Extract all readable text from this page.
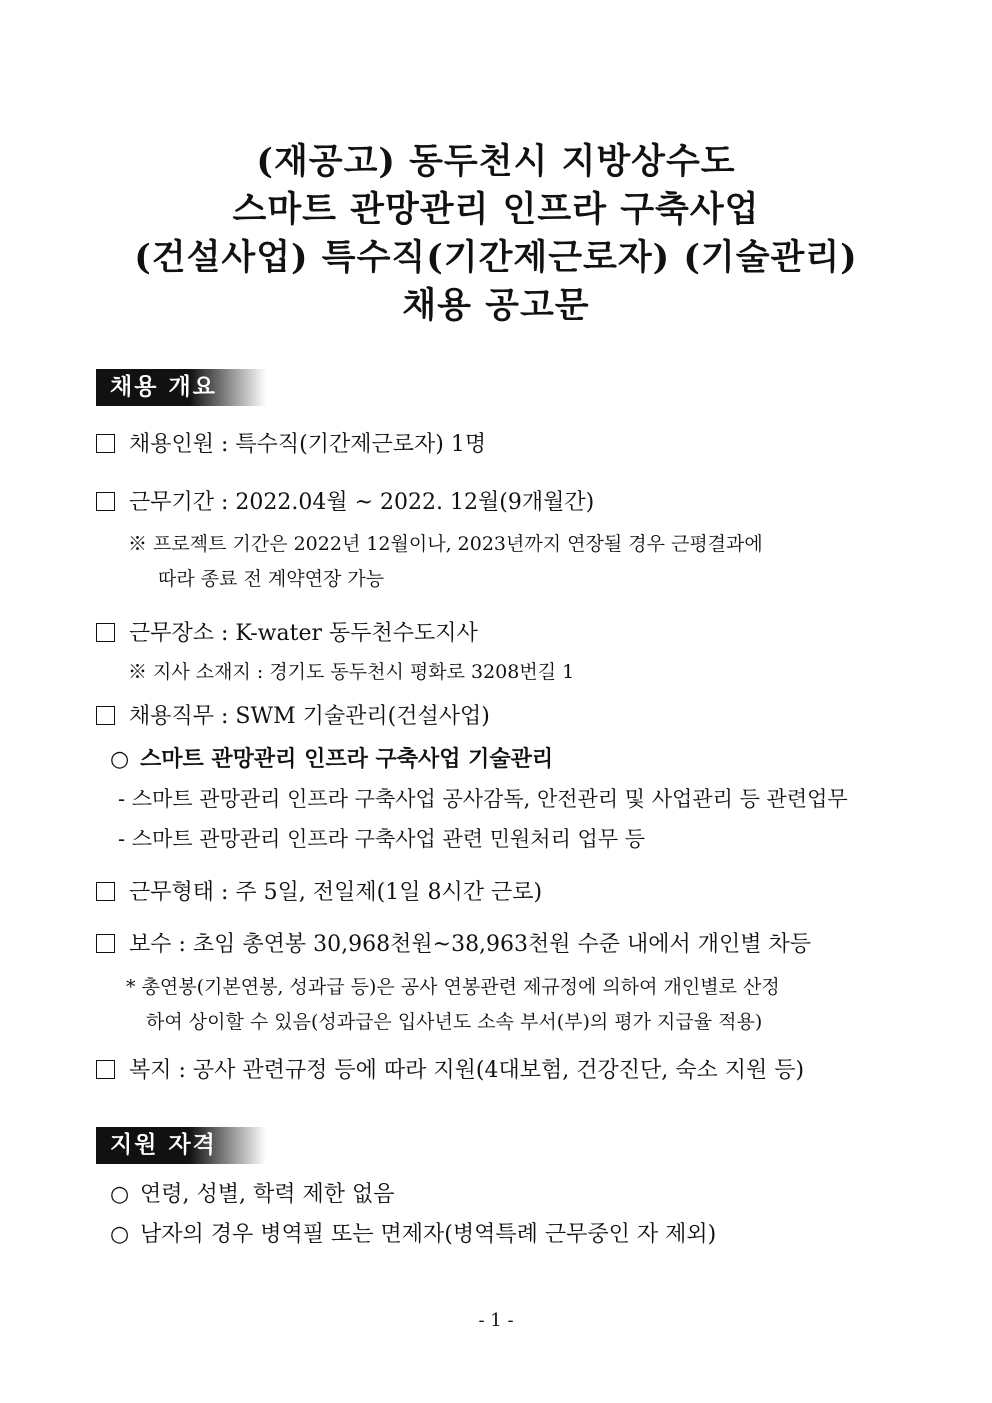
(재공고) 동두천시 지방상수도
스마트 관망관리 인프라 구축사업
(건설사업) 특수직(기간제근로자) (기술관리)
채용 공고문
채용 개요
채용인원 : 특수직(기간제근로자) 1명
근무기간 : 2022.04월 ~ 2022. 12월(9개월간)
※ 프로젝트 기간은 2022년 12월이나, 2023년까지 연장될 경우 근평결과에
따라 종료 전 계약연장 가능
근무장소 : K-water 동두천수도지사
※ 지사 소재지 : 경기도 동두천시 평화로 3208번길 1
채용직무 : SWM 기술관리(건설사업)
○ 스마트 관망관리 인프라 구축사업 기술관리
- 스마트 관망관리 인프라 구축사업 공사감독, 안전관리 및 사업관리 등 관련업무
- 스마트 관망관리 인프라 구축사업 관련 민원처리 업무 등
근무형태 : 주 5일, 전일제(1일 8시간 근로)
보수 : 초임 총연봉 30,968천원~38,963천원 수준 내에서 개인별 차등
* 총연봉(기본연봉, 성과급 등)은 공사 연봉관련 제규정에 의하여 개인별로 산정
하여 상이할 수 있음(성과급은 입사년도 소속 부서(부)의 평가 지급율 적용)
복지 : 공사 관련규정 등에 따라 지원(4대보험, 건강진단, 숙소 지원 등)
지원 자격
○ 연령, 성별, 학력 제한 없음
○ 남자의 경우 병역필 또는 면제자(병역특례 근무중인 자 제외)
- 1 -
